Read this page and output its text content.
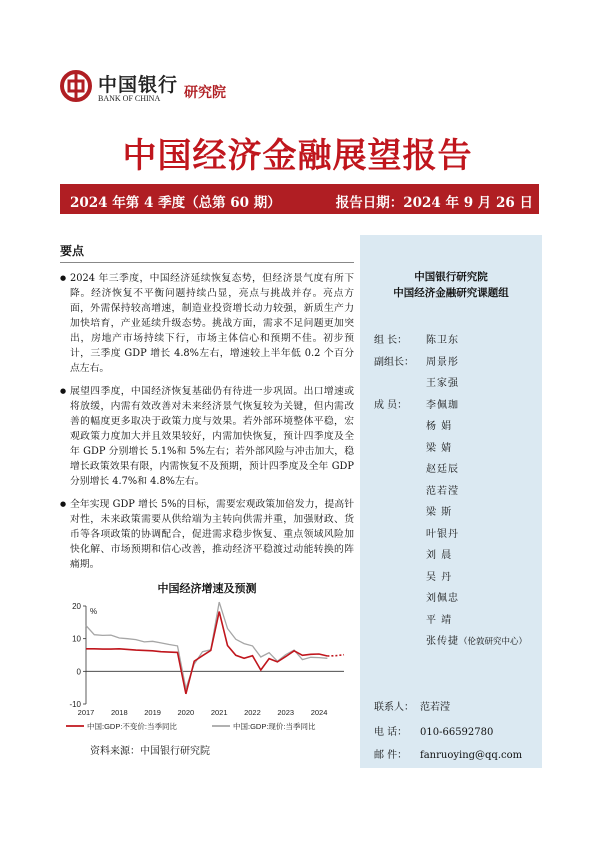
中国银行
BANK OF CHINA 研究院
中国经济金融展望报告
2024 年第 4 季度（总第 60 期）	报告日期：2024 年 9 月 26 日
要点
● 2024 年三季度，中国经济延续恢复态势，但经济景气度有所下降。经济恢复不平衡问题持续凸显，亮点与挑战并存。亮点方面，外需保持较高增速，制造业投资增长动力较强，新质生产力加快培育，产业延续升级态势。挑战方面，需求不足问题更加突出，房地产市场持续下行，市场主体信心和预期不佳。初步预计，三季度 GDP 增长 4.8%左右，增速较上半年低 0.2 个百分点左右。
● 展望四季度，中国经济恢复基础仍有待进一步巩固。出口增速或将放缓，内需有效改善对未来经济景气恢复较为关键，但内需改善的幅度更多取决于政策力度与效果。若外部环境整体平稳，宏观政策力度加大并且效果较好，内需加快恢复，预计四季度及全年 GDP 分别增长 5.1%和 5%左右；若外部风险与冲击加大，稳增长政策效果有限，内需恢复不及预期，预计四季度及全年 GDP 分别增长 4.7%和 4.8%左右。
● 全年实现 GDP 增长 5%的目标，需要宏观政策加倍发力，提高针对性，未来政策需要从供给端为主转向供需并重，加强财政、货币等各项政策的协调配合，促进需求稳步恢复、重点领域风险加快化解、市场预期和信心改善，推动经济平稳渡过动能转换的阵痛期。
中国经济增速及预测
-10
0
10
20
%
2017 2018 2019 2020 2021 2022 2023 2024
中国:GDP:不变价:当季同比	中国:GDP:现价:当季同比
资料来源：中国银行研究院
中国银行研究院
中国经济金融研究课题组
组 长：	陈卫东
副组长：	周景彤
王家强
成 员：	李佩珈
杨 娟
梁 婧
赵廷辰
范若滢
梁 斯
叶银丹
刘 晨
吴 丹
刘佩忠
平 靖
张传捷（伦敦研究中心）
联系人： 范若滢
电 话： 010-66592780
邮 件： fanruoying@qq.com
